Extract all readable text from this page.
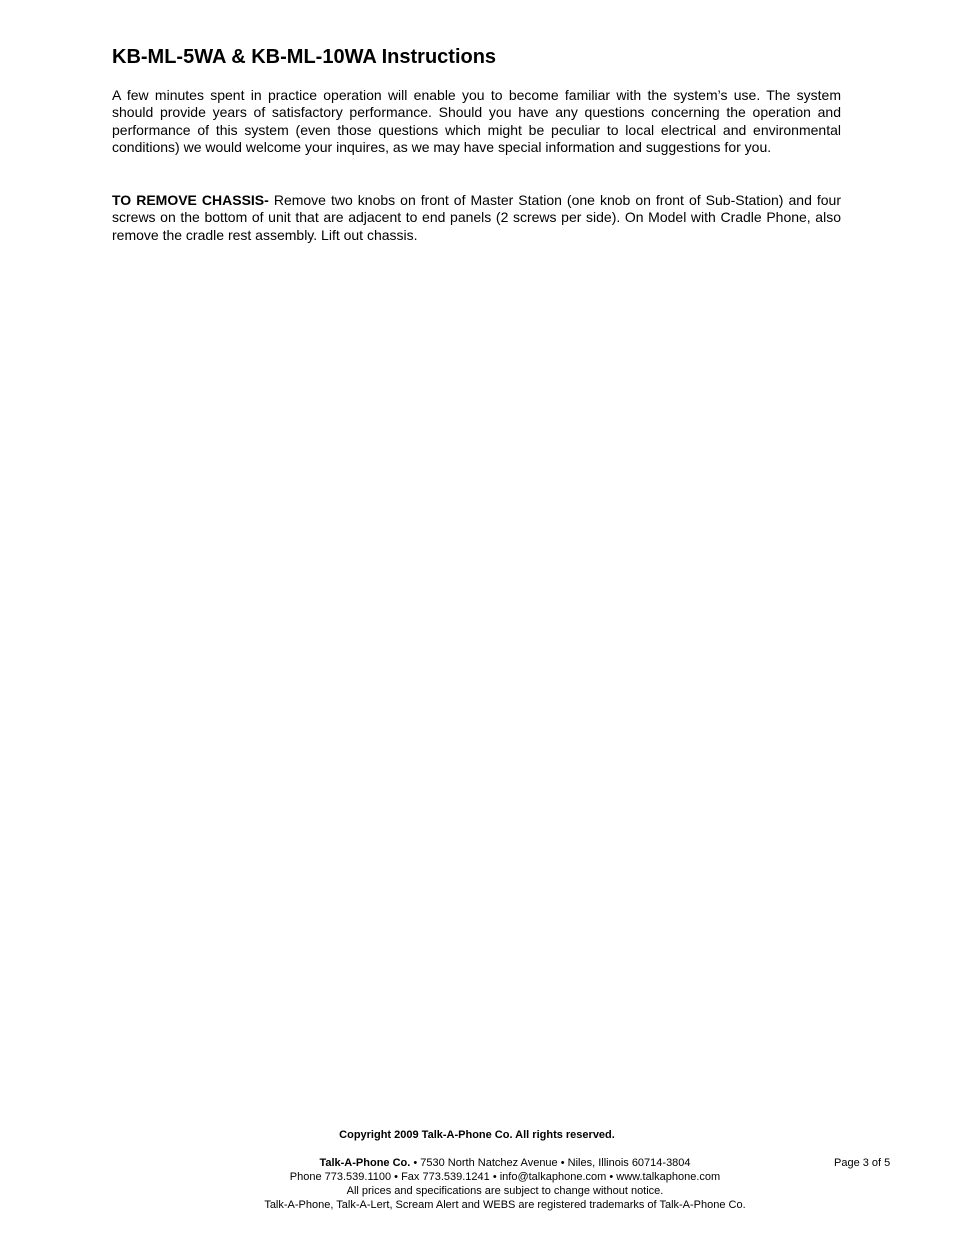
KB-ML-5WA & KB-ML-10WA Instructions

A few minutes spent in practice operation will enable you to become familiar with the system’s use. The system should provide years of satisfactory performance. Should you have any questions concerning the operation and performance of this system (even those questions which might be peculiar to local electrical and environmental conditions) we would welcome your inquires, as we may have special information and suggestions for you.

TO REMOVE CHASSIS- Remove two knobs on front of Master Station (one knob on front of Sub-Station) and four screws on the bottom of unit that are adjacent to end panels (2 screws per side). On Model with Cradle Phone, also remove the cradle rest assembly. Lift out chassis.

Copyright 2009 Talk-A-Phone Co. All rights reserved.
Talk-A-Phone Co. • 7530 North Natchez Avenue • Niles, Illinois 60714-3804
Phone 773.539.1100 • Fax 773.539.1241 • info@talkaphone.com • www.talkaphone.com
All prices and specifications are subject to change without notice.
Talk-A-Phone, Talk-A-Lert, Scream Alert and WEBS are registered trademarks of Talk-A-Phone Co.
Page 3 of 5
